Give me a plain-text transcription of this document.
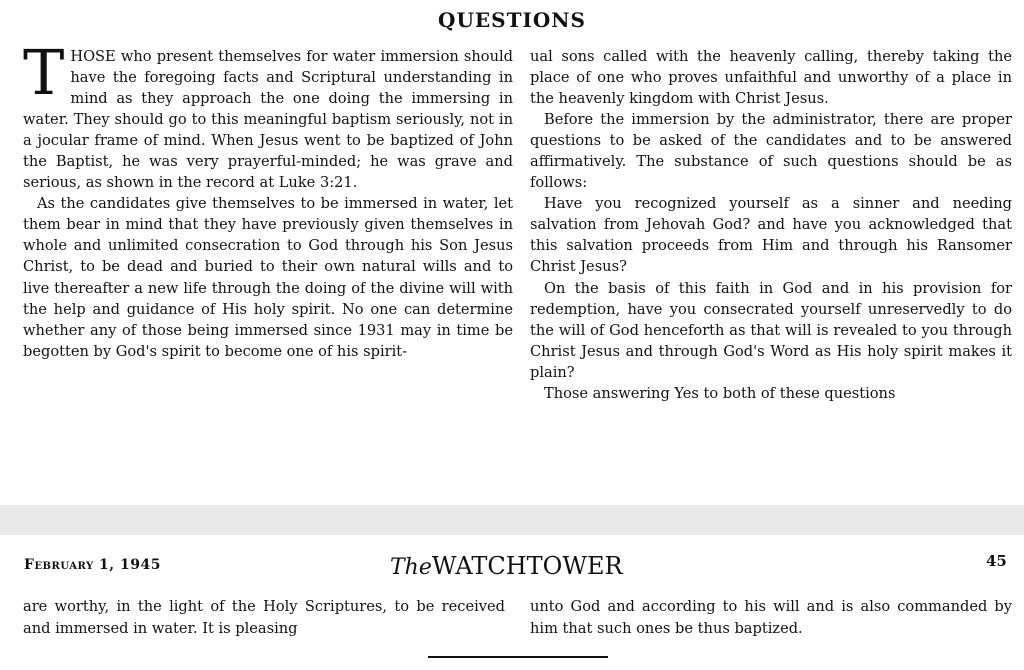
QUESTIONS

THOSE who present themselves for water immersion should have the foregoing facts and Scriptural understanding in mind as they approach the one doing the immersing in water. They should go to this meaningful baptism seriously, not in a jocular frame of mind. When Jesus went to be baptized of John the Baptist, he was very prayerful-minded; he was grave and serious, as shown in the record at Luke 3:21.

As the candidates give themselves to be immersed in water, let them bear in mind that they have previously given themselves in whole and unlimited consecration to God through his Son Jesus Christ, to be dead and buried to their own natural wills and to live thereafter a new life through the doing of the divine will with the help and guidance of His holy spirit. No one can determine whether any of those being immersed since 1931 may in time be begotten by God's spirit to become one of his spirit-

ual sons called with the heavenly calling, thereby taking the place of one who proves unfaithful and unworthy of a place in the heavenly kingdom with Christ Jesus.

Before the immersion by the administrator, there are proper questions to be asked of the candidates and to be answered affirmatively. The substance of such questions should be as follows:

Have you recognized yourself as a sinner and needing salvation from Jehovah God? and have you acknowledged that this salvation proceeds from Him and through his Ransomer Christ Jesus?

On the basis of this faith in God and in his provision for redemption, have you consecrated yourself unreservedly to do the will of God henceforth as that will is revealed to you through Christ Jesus and through God's Word as His holy spirit makes it plain?

Those answering Yes to both of these questions

February 1, 1945	TheWATCHTOWER	45

are worthy, in the light of the Holy Scriptures, to be received and immersed in water. It is pleasing

unto God and according to his will and is also commanded by him that such ones be thus baptized.
